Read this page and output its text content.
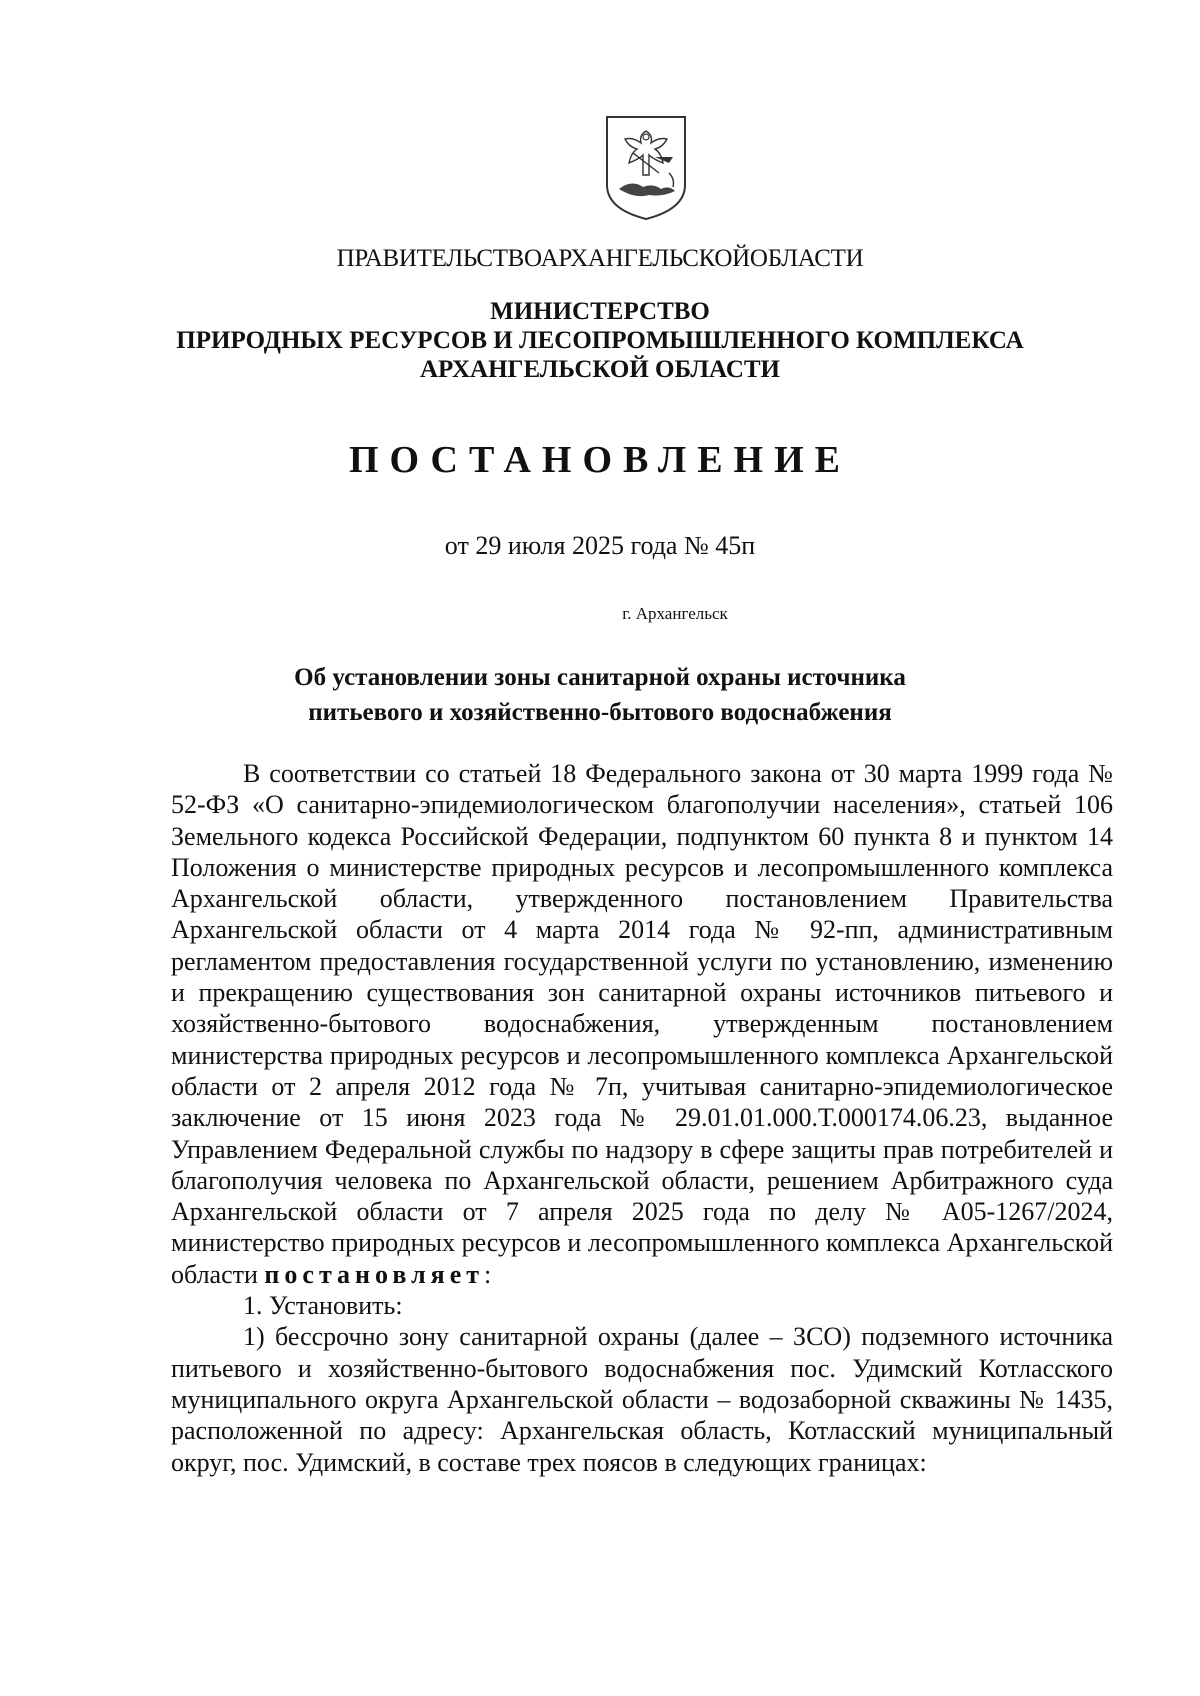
ПРАВИТЕЛЬСТВОАРХАНГЕЛЬСКОЙОБЛАСТИ
МИНИСТЕРСТВО
ПРИРОДНЫХ РЕСУРСОВ И ЛЕСОПРОМЫШЛЕННОГО КОМПЛЕКСА
АРХАНГЕЛЬСКОЙ ОБЛАСТИ
ПОСТАНОВЛЕНИЕ
от 29 июля 2025 года № 45п
г. Архангельск
Об установлении зоны санитарной охраны источника
питьевого и хозяйственно-бытового водоснабжения

В соответствии со статьей 18 Федерального закона от 30 марта 1999 года № 52-ФЗ «О санитарно-эпидемиологическом благополучии населения», статьей 106 Земельного кодекса Российской Федерации, подпунктом 60 пункта 8 и пунктом 14 Положения о министерстве природных ресурсов и лесопромышленного комплекса Архангельской области, утвержденного постановлением Правительства Архангельской области от 4 марта 2014 года № 92-пп, административным регламентом предоставления государственной услуги по установлению, изменению и прекращению существования зон санитарной охраны источников питьевого и хозяйственно-бытового водоснабжения, утвержденным постановлением министерства природных ресурсов и лесопромышленного комплекса Архангельской области от 2 апреля 2012 года № 7п, учитывая санитарно-эпидемиологическое заключение от 15 июня 2023 года № 29.01.01.000.Т.000174.06.23, выданное Управлением Федеральной службы по надзору в сфере защиты прав потребителей и благополучия человека по Архангельской области, решением Арбитражного суда Архангельской области от 7 апреля 2025 года по делу № А05-1267/2024, министерство природных ресурсов и лесопромышленного комплекса Архангельской области постановляет:

1. Установить:

1) бессрочно зону санитарной охраны (далее – ЗСО) подземного источника питьевого и хозяйственно-бытового водоснабжения пос. Удимский Котласского муниципального округа Архангельской области – водозаборной скважины № 1435, расположенной по адресу: Архангельская область, Котласский муниципальный округ, пос. Удимский, в составе трех поясов в следующих границах:
